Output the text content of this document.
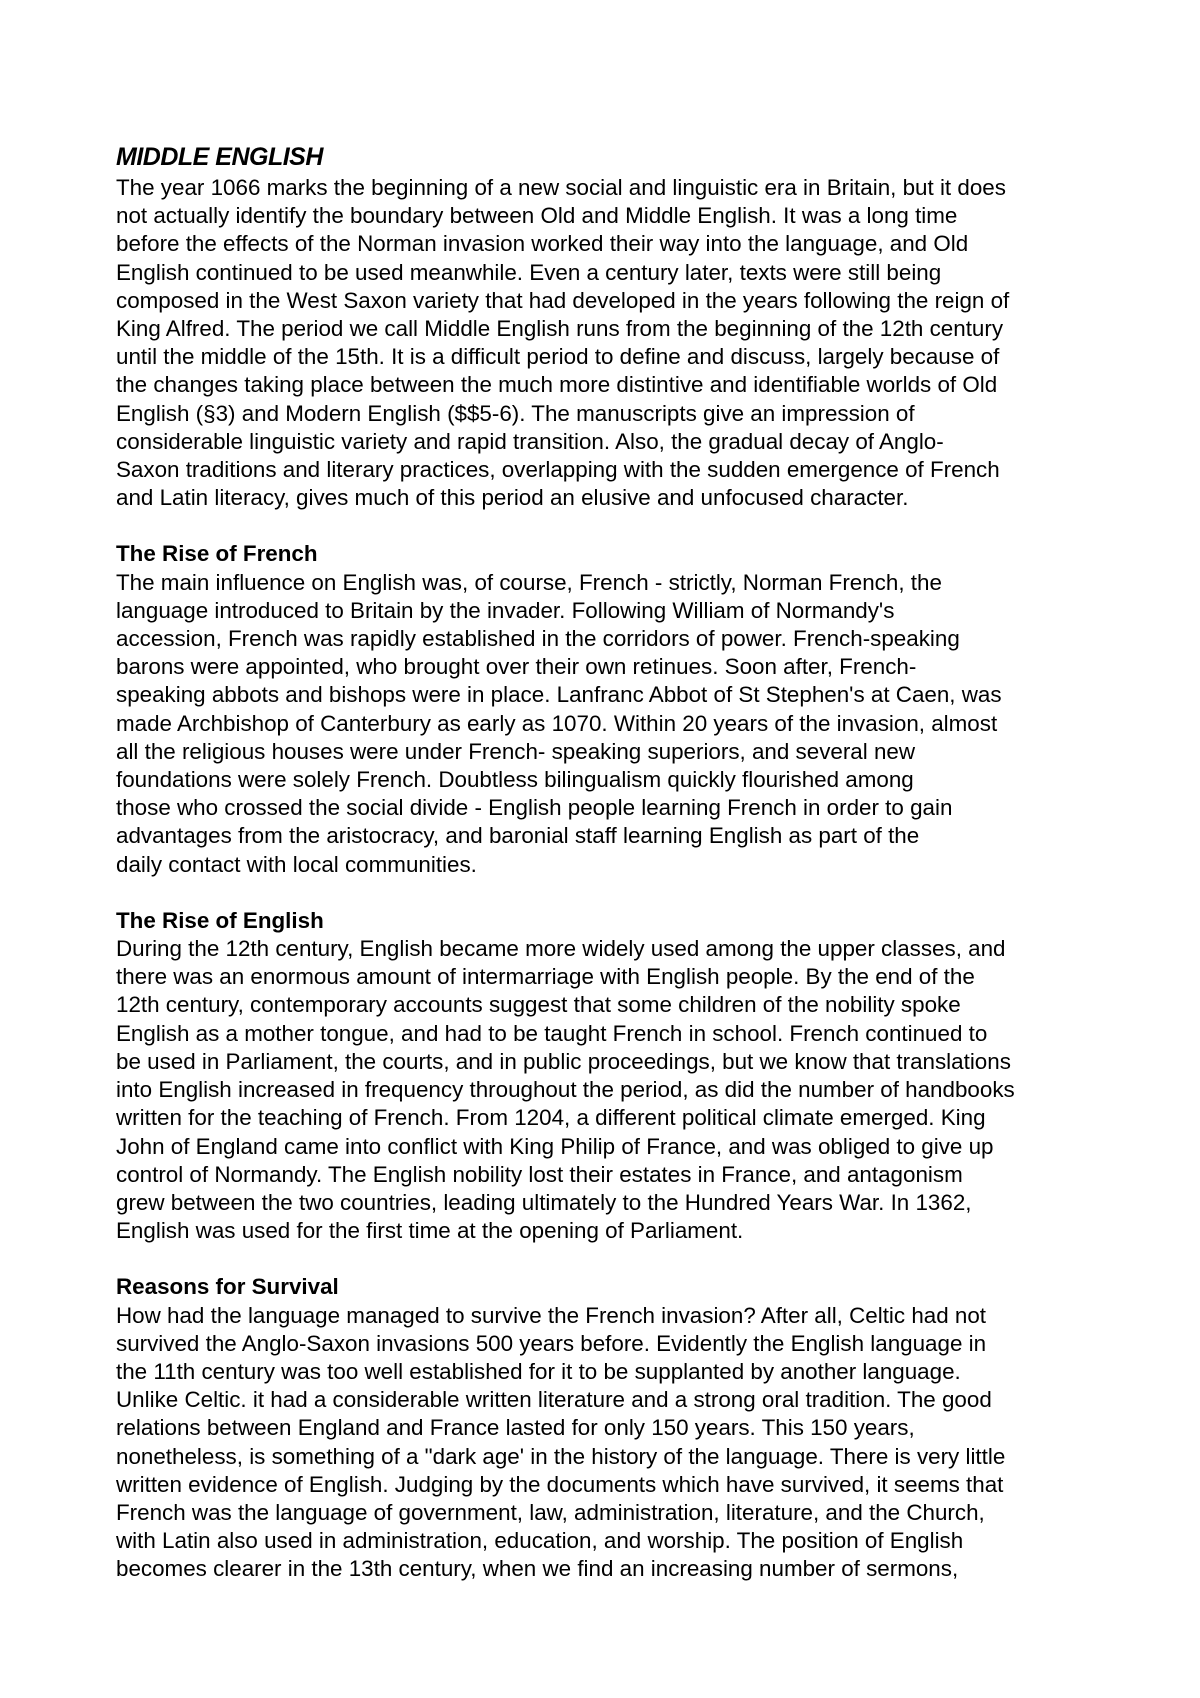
MIDDLE ENGLISH

The year 1066 marks the beginning of a new social and linguistic era in Britain, but it does
not actually identify the boundary between Old and Middle English. It was a long time
before the effects of the Norman invasion worked their way into the language, and Old
English continued to be used meanwhile. Even a century later, texts were still being
composed in the West Saxon variety that had developed in the years following the reign of
King Alfred. The period we call Middle English runs from the beginning of the 12th century
until the middle of the 15th. It is a difficult period to define and discuss, largely because of
the changes taking place between the much more distintive and identifiable worlds of Old
English (§3) and Modern English ($$5-6). The manuscripts give an impression of
considerable linguistic variety and rapid transition. Also, the gradual decay of Anglo-
Saxon traditions and literary practices, overlapping with the sudden emergence of French
and Latin literacy, gives much of this period an elusive and unfocused character.

The Rise of French

The main influence on English was, of course, French - strictly, Norman French, the
language introduced to Britain by the invader. Following William of Normandy's
accession, French was rapidly established in the corridors of power. French-speaking
barons were appointed, who brought over their own retinues. Soon after, French-
speaking abbots and bishops were in place. Lanfranc Abbot of St Stephen's at Caen, was
made Archbishop of Canterbury as early as 1070. Within 20 years of the invasion, almost
all the religious houses were under French- speaking superiors, and several new
foundations were solely French. Doubtless bilingualism quickly flourished among
those who crossed the social divide - English people learning French in order to gain
advantages from the aristocracy, and baronial staff learning English as part of the
daily contact with local communities.

The Rise of English

During the 12th century, English became more widely used among the upper classes, and
there was an enormous amount of intermarriage with English people. By the end of the
12th century, contemporary accounts suggest that some children of the nobility spoke
English as a mother tongue, and had to be taught French in school. French continued to
be used in Parliament, the courts, and in public proceedings, but we know that translations
into English increased in frequency throughout the period, as did the number of handbooks
written for the teaching of French. From 1204, a different political climate emerged. King
John of England came into conflict with King Philip of France, and was obliged to give up
control of Normandy. The English nobility lost their estates in France, and antagonism
grew between the two countries, leading ultimately to the Hundred Years War. In 1362,
English was used for the first time at the opening of Parliament.

Reasons for Survival

How had the language managed to survive the French invasion? After all, Celtic had not
survived the Anglo-Saxon invasions 500 years before. Evidently the English language in
the 11th century was too well established for it to be supplanted by another language.
Unlike Celtic. it had a considerable written literature and a strong oral tradition. The good
relations between England and France lasted for only 150 years. This 150 years,
nonetheless, is something of a "dark age' in the history of the language. There is very little
written evidence of English. Judging by the documents which have survived, it seems that
French was the language of government, law, administration, literature, and the Church,
with Latin also used in administration, education, and worship. The position of English
becomes clearer in the 13th century, when we find an increasing number of sermons,
